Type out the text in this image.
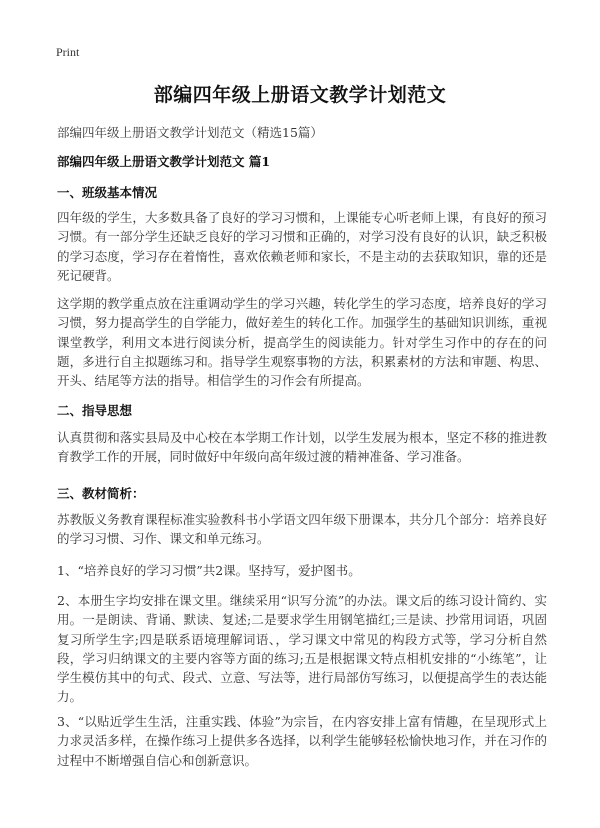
Print
部编四年级上册语文教学计划范文
部编四年级上册语文教学计划范文（精选15篇）
部编四年级上册语文教学计划范文 篇1
一、班级基本情况
四年级的学生，大多数具备了良好的学习习惯和，上课能专心听老师上课，有良好的预习习惯。有一部分学生还缺乏良好的学习习惯和正确的，对学习没有良好的认识，缺乏积极的学习态度，学习存在着惰性，喜欢依赖老师和家长，不是主动的去获取知识，靠的还是死记硬背。
这学期的教学重点放在注重调动学生的学习兴趣，转化学生的学习态度，培养良好的学习习惯，努力提高学生的自学能力，做好差生的转化工作。加强学生的基础知识训练，重视课堂教学，利用文本进行阅读分析，提高学生的阅读能力。针对学生习作中的存在的问题，多进行自主拟题练习和。指导学生观察事物的方法，积累素材的方法和审题、构思、开头、结尾等方法的指导。相信学生的习作会有所提高。
二、指导思想
认真贯彻和落实县局及中心校在本学期工作计划，以学生发展为根本，坚定不移的推进教育教学工作的开展，同时做好中年级向高年级过渡的精神准备、学习准备。
三、教材简析：
苏教版义务教育课程标准实验教科书小学语文四年级下册课本，共分几个部分：培养良好的学习习惯、习作、课文和单元练习。
1、“培养良好的学习习惯”共2课。坚持写，爱护图书。
2、本册生字均安排在课文里。继续采用“识写分流”的办法。课文后的练习设计简约、实用。一是朗读、背诵、默读、复述;二是要求学生用钢笔描红;三是读、抄常用词语，巩固复习所学生字;四是联系语境理解词语、，学习课文中常见的构段方式等，学习分析自然段，学习归纳课文的主要内容等方面的练习;五是根据课文特点相机安排的“小练笔”，让学生模仿其中的句式、段式、立意、写法等，进行局部仿写练习，以便提高学生的表达能力。
3、“以贴近学生生活，注重实践、体验”为宗旨，在内容安排上富有情趣，在呈现形式上力求灵活多样，在操作练习上提供多各选择，以利学生能够轻松愉快地习作，并在习作的过程中不断增强自信心和创新意识。
